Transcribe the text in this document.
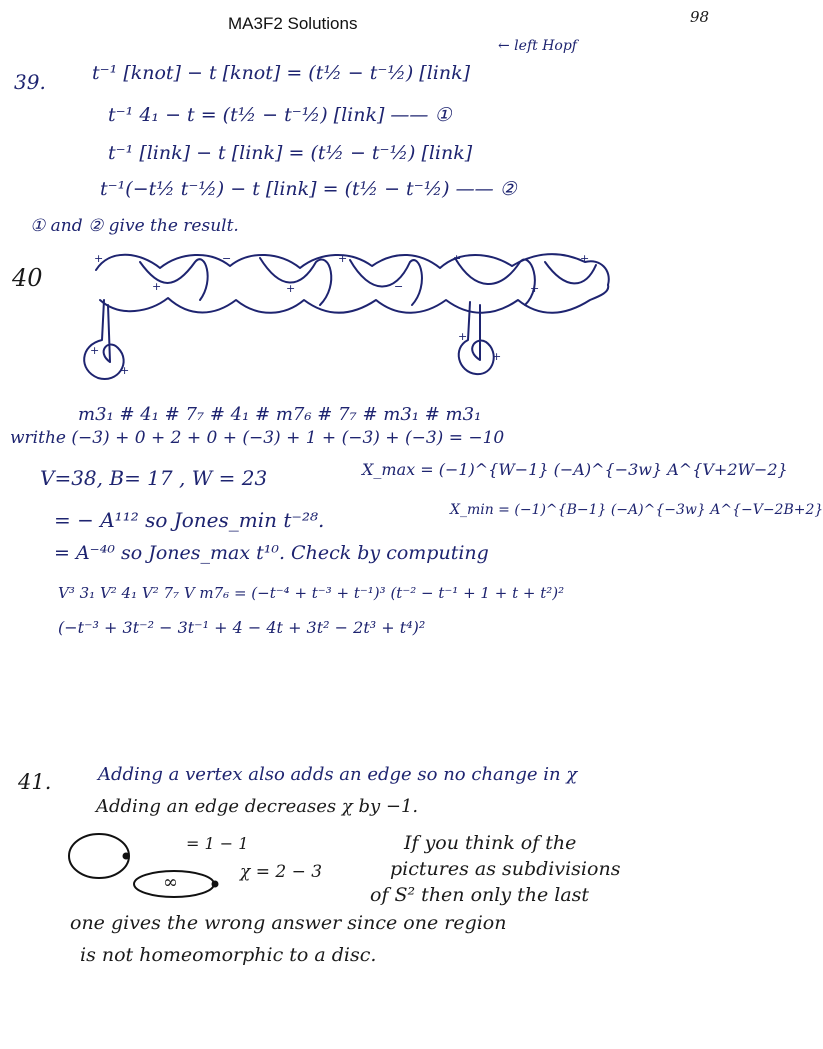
MA3F2 Solutions	98
39. t⁻¹ [knot] − t [knot] = (t½ − t⁻½) [link]
← left Hopf
t⁻¹ 4₁ − t = (t½ − t⁻½) [link] —— ①
t⁻¹ [link] − t [link] = (t½ − t⁻½) [link]
t⁻¹(−t½ t⁻½) − t [link] = (t½ − t⁻½) —— ②
① and ② give the result.
40
+
+
−
+
+
−
+
+
+
+
+
+
+
m3₁ # 4₁ # 7₇ # 4₁ # m7₆ # 7₇ # m3₁ # m3₁
writhe (−3) + 0 + 2 + 0 + (−3) + 1 + (−3) + (−3) = −10
V=38, B= 17 , W = 23	X_max = (−1)^{W−1} (−A)^{−3w} A^{V+2W−2}
= − A¹¹² so Jones_min t⁻²⁸.	X_min = (−1)^{B−1} (−A)^{−3w} A^{−V−2B+2}
= A⁻⁴⁰ so Jones_max t¹⁰. Check by computing
V³ 3₁ V² 4₁ V² 7₇ V m7₆ = (−t⁻⁴ + t⁻³ + t⁻¹)³ (t⁻² − t⁻¹ + 1 + t + t²)²
(−t⁻³ + 3t⁻² − 3t⁻¹ + 4 − 4t + 3t² − 2t³ + t⁴)²
41.	Adding a vertex also adds an edge so no change in χ
Adding an edge decreases χ by −1.
= 1 − 1
∞	χ = 2 − 3
If you think of the
pictures as subdivisions
of S² then only the last
one gives the wrong answer since one region
is not homeomorphic to a disc.
